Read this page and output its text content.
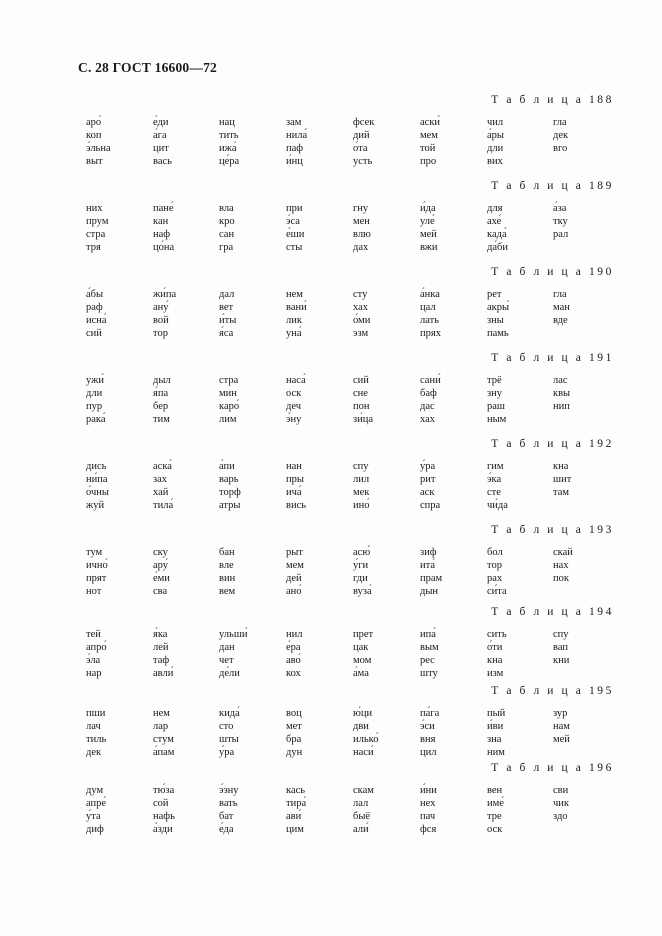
С. 28 ГОСТ 16600—72
Т а б л и ц а 188
аро́
коп
э́льна
выт
е́ди
а́га
цит
вась
нац
тить
ижа́
це́ра
зам
нила́
паф
и́нц
фсек
дий
о́та
усть
аски́
мем
той
про
чил
а́ры
дли
вих
гла
дек
вго
Т а б л и ц а 189
них
прум
стра
тря
пане́
кан
наф
цо́на
вла
кро
сан
гра
при
э́са
е́ши
сты
гну
мен
влю
дах
и́да
уле́
мей
вжи
для
ахе́
када́
да́би
а́за
тку
рал
Т а б л и ц а 190
а́бы
раф
исна́
сий
жи́па
ану́
вой
тор
дал
вет
и́ты
я́са
нем
вани́
лик
уна́
сту
хах
о́ми
эзм
а́нка
цал
лать
прях
рет
акры́
зны
памь
гла
ман
вде
Т а б л и ц а 191
ужи́
дли
пур
рака́
дыл
я́па
бер
тим
стра
мин
каро́
лим
наса́
оск
деч
э́ну
сий
сне
пон
зи́ца
сани́
баф
дас
хах
трё
зну
раш
ным
лас
квы
нип
Т а б л и ц а 192
дись
ни́па
о́чны
жуй
аска́
зах
хай
тила́
а́пи
варь
торф
атры
нан
пры
ича́
вись
спу
лил
мек
ино́
у́ра
рит
аск
спра
гим
э́ка
сте
чи́да
кна
шит
там
Т а б л и ц а 193
тум
ично́
прят
нот
ску
ару́
е́ми
сва
бан
вле
вин
вем
рыт
мем
дей
ано́
асю́
у́ги
гди
вуза́
зиф
ита́
прам
дын
бол
тор
рах
си́та
скай
нах
пок
Т а б л и ц а 194
тей
апро́
э́ла
нар
я́ка
лей
таф
авли́
ульши́
дан
чет
де́ли
нил
е́ра
аво́
кох
прет
цак
мом
а́ма
ипа́
вым
рес
шту
сить
о́ти
кна
изм
спу
вап
кни
Т а б л и ц а 195
пши
лач
тиль
дек
нем
лар
стум
а́пам
кида́
сто
шты
у́ра
воц
мет
бра
дун
ю́ци
дви
илько́
наси́
па́га
э́си
вня
цил
пый
и́ви
зна
ним
зур
нам
мей
Т а б л и ц а 196
дум
апре́
у́та
диф
тю́за
сой
нафь
а́зди
э́зну
вать
бат
е́да
кась
тира́
ави́
цим
скам
лал
быё
али́
и́ни
нех
пач
фся
вен
име́
тре
оск
сви
чик
здо
